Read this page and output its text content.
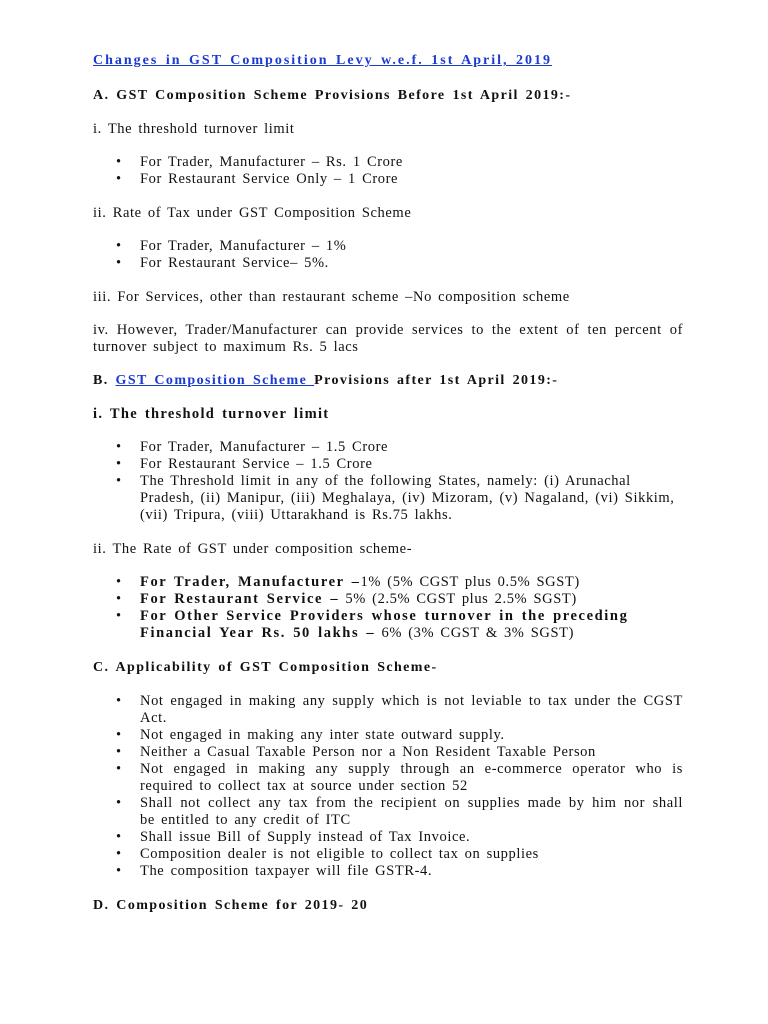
Changes in GST Composition Levy w.e.f. 1st April, 2019

A. GST Composition Scheme Provisions Before 1st April 2019:-

i. The threshold turnover limit

• For Trader, Manufacturer – Rs. 1 Crore
• For Restaurant Service Only – 1 Crore

ii. Rate of Tax under GST Composition Scheme

• For Trader, Manufacturer – 1%
• For Restaurant Service– 5%.

iii. For Services, other than restaurant scheme –No composition scheme

iv. However, Trader/Manufacturer can provide services to the extent of ten percent of turnover subject to maximum Rs. 5 lacs

B. GST Composition Scheme Provisions after 1st April 2019:-

i. The threshold turnover limit

• For Trader, Manufacturer – 1.5 Crore
• For Restaurant Service – 1.5 Crore
• The Threshold limit in any of the following States, namely: (i) Arunachal Pradesh, (ii) Manipur, (iii) Meghalaya, (iv) Mizoram, (v) Nagaland, (vi) Sikkim, (vii) Tripura, (viii) Uttarakhand is Rs.75 lakhs.

ii. The Rate of GST under composition scheme-

• For Trader, Manufacturer –1% (5% CGST plus 0.5% SGST)
• For Restaurant Service – 5% (2.5% CGST plus 2.5% SGST)
• For Other Service Providers whose turnover in the preceding Financial Year Rs. 50 lakhs – 6% (3% CGST & 3% SGST)

C. Applicability of GST Composition Scheme-

• Not engaged in making any supply which is not leviable to tax under the CGST Act.
• Not engaged in making any inter state outward supply.
• Neither a Casual Taxable Person nor a Non Resident Taxable Person
• Not engaged in making any supply through an e-commerce operator who is required to collect tax at source under section 52
• Shall not collect any tax from the recipient on supplies made by him nor shall be entitled to any credit of ITC
• Shall issue Bill of Supply instead of Tax Invoice.
• Composition dealer is not eligible to collect tax on supplies
• The composition taxpayer will file GSTR-4.

D. Composition Scheme for 2019- 20
